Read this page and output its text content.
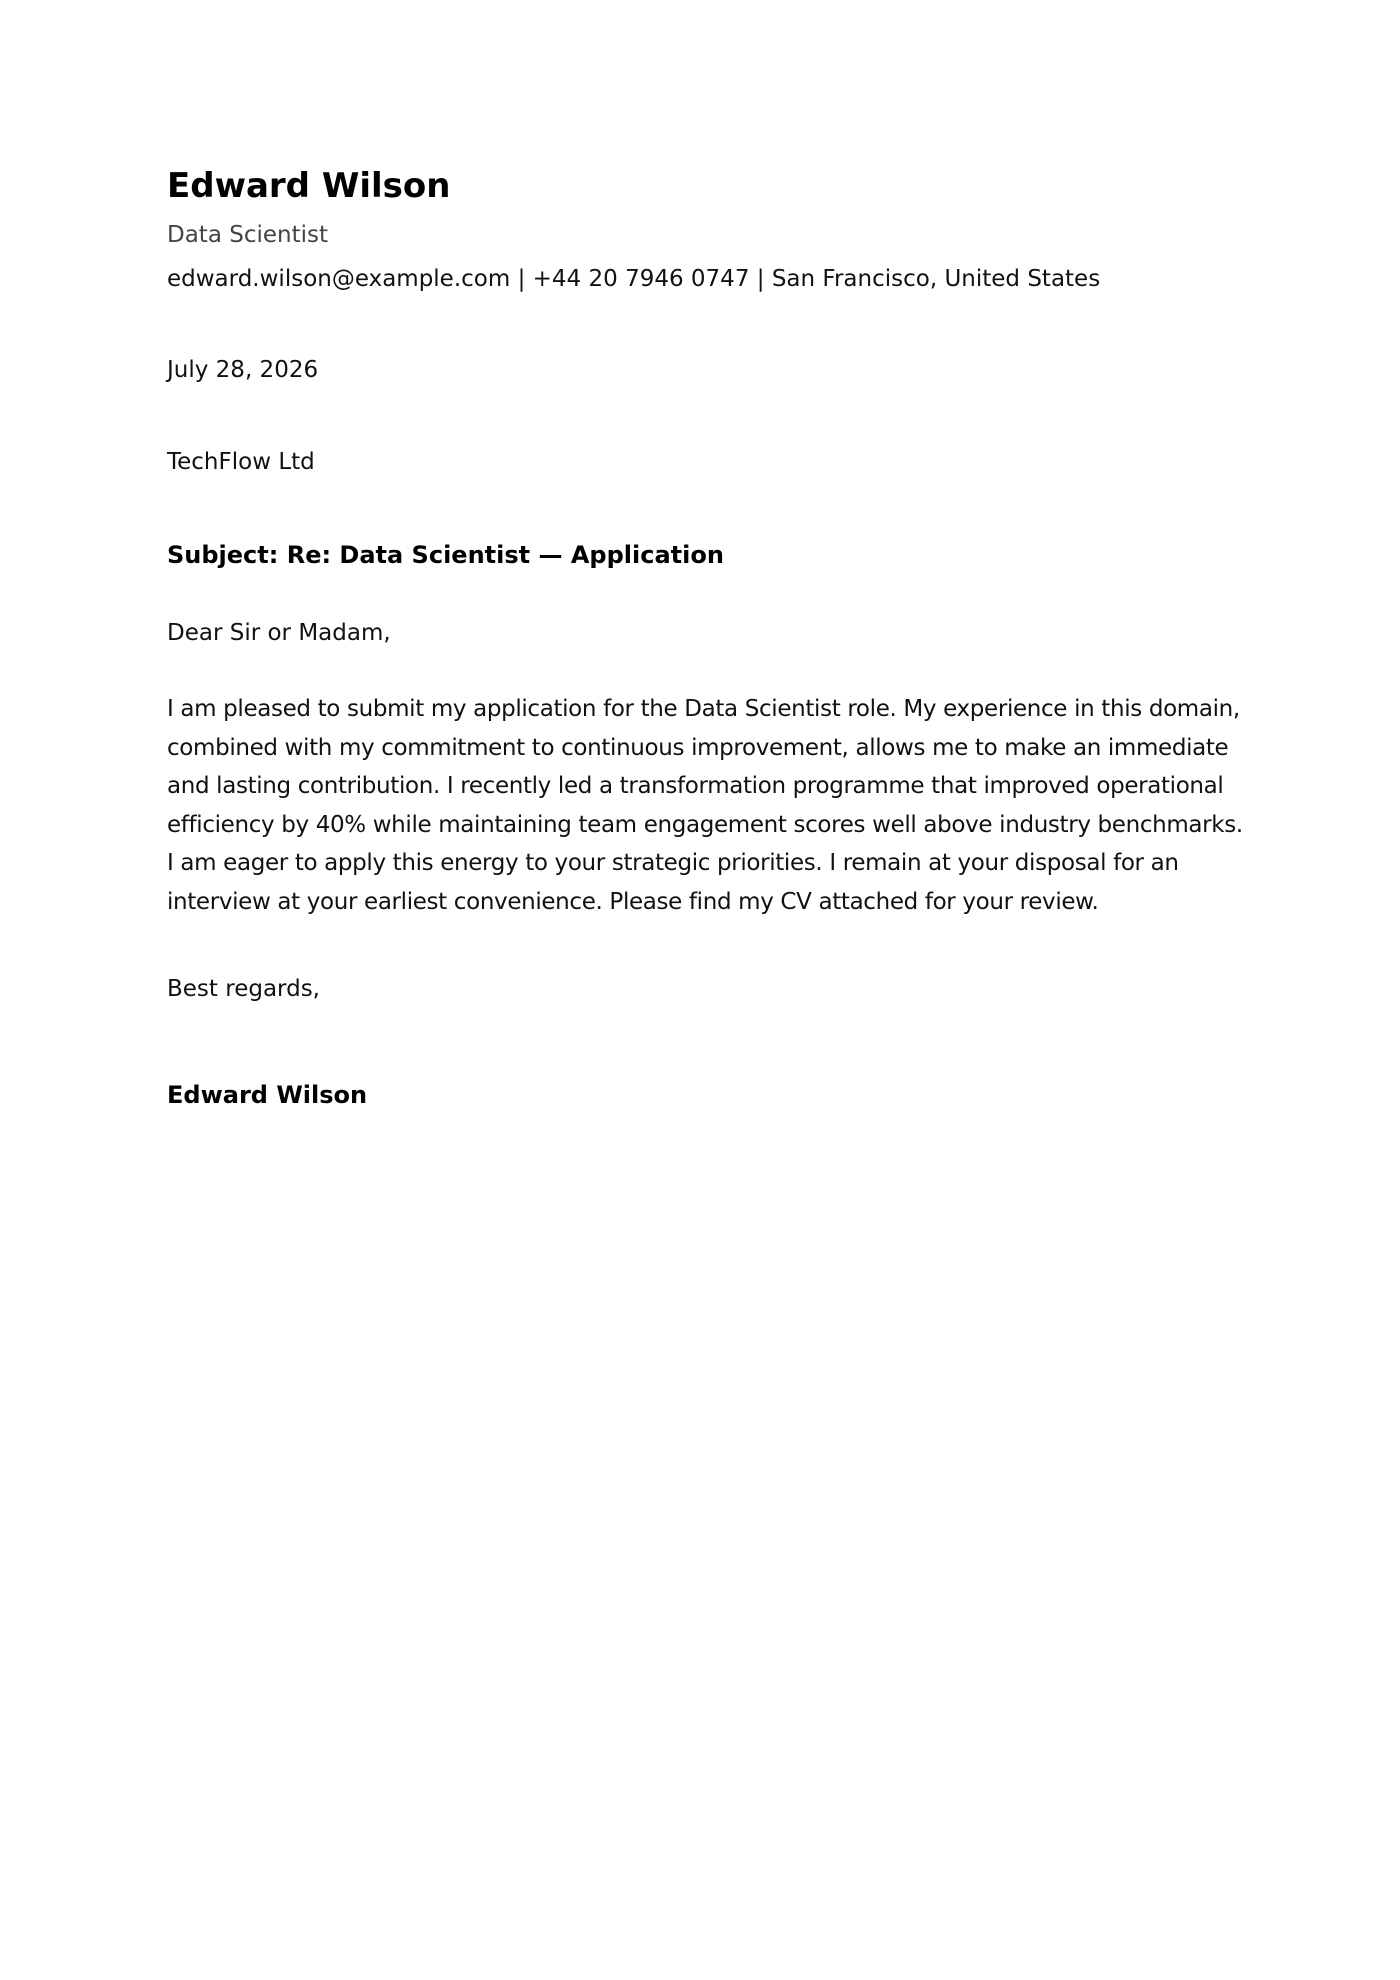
Edward Wilson

Data Scientist

edward.wilson@example.com | +44 20 7946 0747 | San Francisco, United States

July 28, 2026

TechFlow Ltd

Subject: Re: Data Scientist — Application

Dear Sir or Madam,

I am pleased to submit my application for the Data Scientist role. My experience in this domain, combined with my commitment to continuous improvement, allows me to make an immediate and lasting contribution. I recently led a transformation programme that improved operational efficiency by 40% while maintaining team engagement scores well above industry benchmarks. I am eager to apply this energy to your strategic priorities. I remain at your disposal for an interview at your earliest convenience. Please find my CV attached for your review.

Best regards,

Edward Wilson
